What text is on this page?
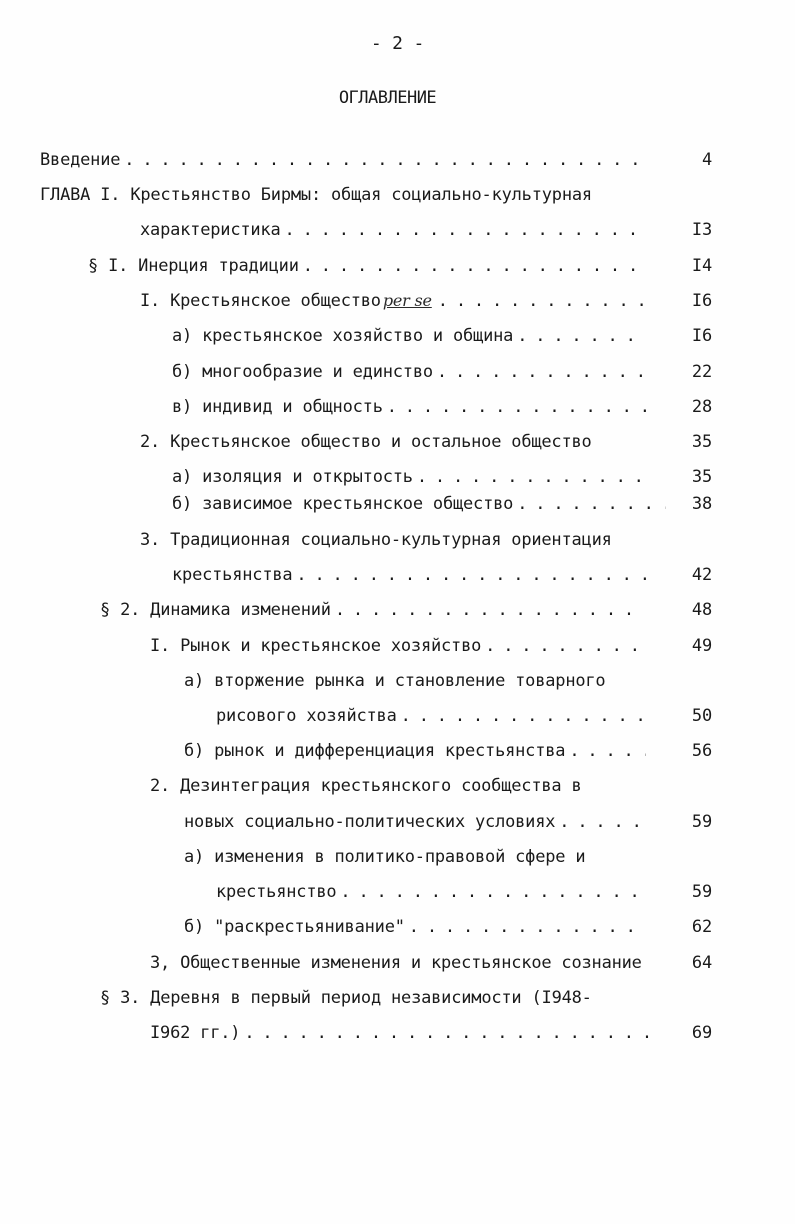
- 2 -
ОГЛАВЛЕНИЕ
Введение . . .	4
ГЛАВА I. Крестьянство Бирмы: общая социально-культурная
характеристика . . .	I3
§ I. Инерция традиции . . .	I4
I. Крестьянское общество per se . . .	I6
а) крестьянское хозяйство и община . . .	I6
б) многообразие и единство . . .	22
в) индивид и общность . . .	28
2. Крестьянское общество и остальное общество	35
а) изоляция и открытость . . .	35
б) зависимое крестьянское общество . . .	38
3. Традиционная социально-культурная ориентация
крестьянства . . .	42
§ 2. Динамика изменений . . .	48
I. Рынок и крестьянское хозяйство . . .	49
а) вторжение рынка и становление товарного
рисового хозяйства . . .	50
б) рынок и дифференциация крестьянства . . .	56
2. Дезинтеграция крестьянского сообщества в
новых социально-политических условиях . . .	59
а) изменения в политико-правовой сфере и
крестьянство . . .	59
б) "раскрестьянивание" . . .	62
3, Общественные изменения и крестьянское сознание	64
§ 3. Деревня в первый период независимости (I948-
I962 гг.) . . .	69
